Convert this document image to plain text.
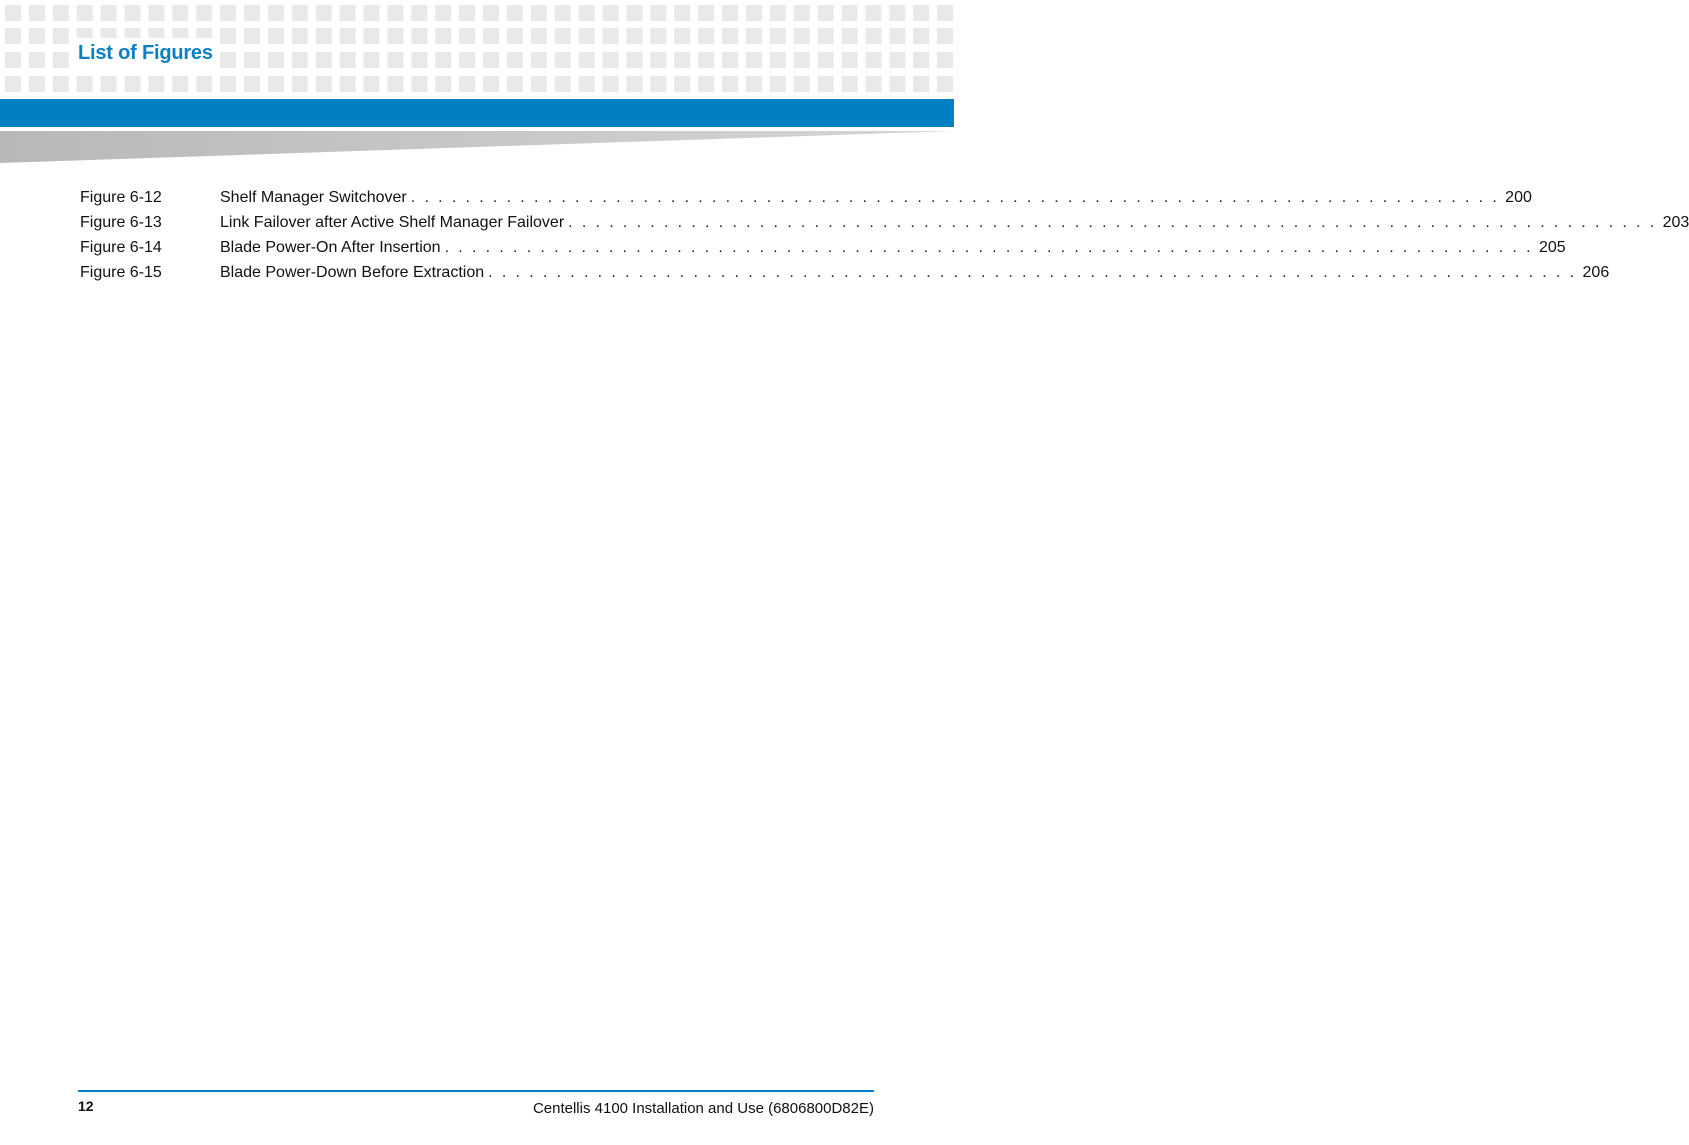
List of Figures
Figure 6-12	Shelf Manager Switchover . . . . . . . . . . . . . . . . . . . . . . . . . . . . . . . . . . . . . . . . . . . . . . . . . . . . . . . . . . . . . . . . . . . . . . . . . . . . . . . . 200
Figure 6-13	Link Failover after Active Shelf Manager Failover . . . . . . . . . . . . . . . . . . . . . . . . . . . . . . . . . . . . . . . . . . . . . . . . . . . . . . . . . . . . . . . . . . . . . . . . . . . . . . . . 203
Figure 6-14	Blade Power-On After Insertion . . . . . . . . . . . . . . . . . . . . . . . . . . . . . . . . . . . . . . . . . . . . . . . . . . . . . . . . . . . . . . . . . . . . . . . . . . . . . . . . 205
Figure 6-15	Blade Power-Down Before Extraction . . . . . . . . . . . . . . . . . . . . . . . . . . . . . . . . . . . . . . . . . . . . . . . . . . . . . . . . . . . . . . . . . . . . . . . . . . . . . . . . 206
12	Centellis 4100 Installation and Use (6806800D82E)
